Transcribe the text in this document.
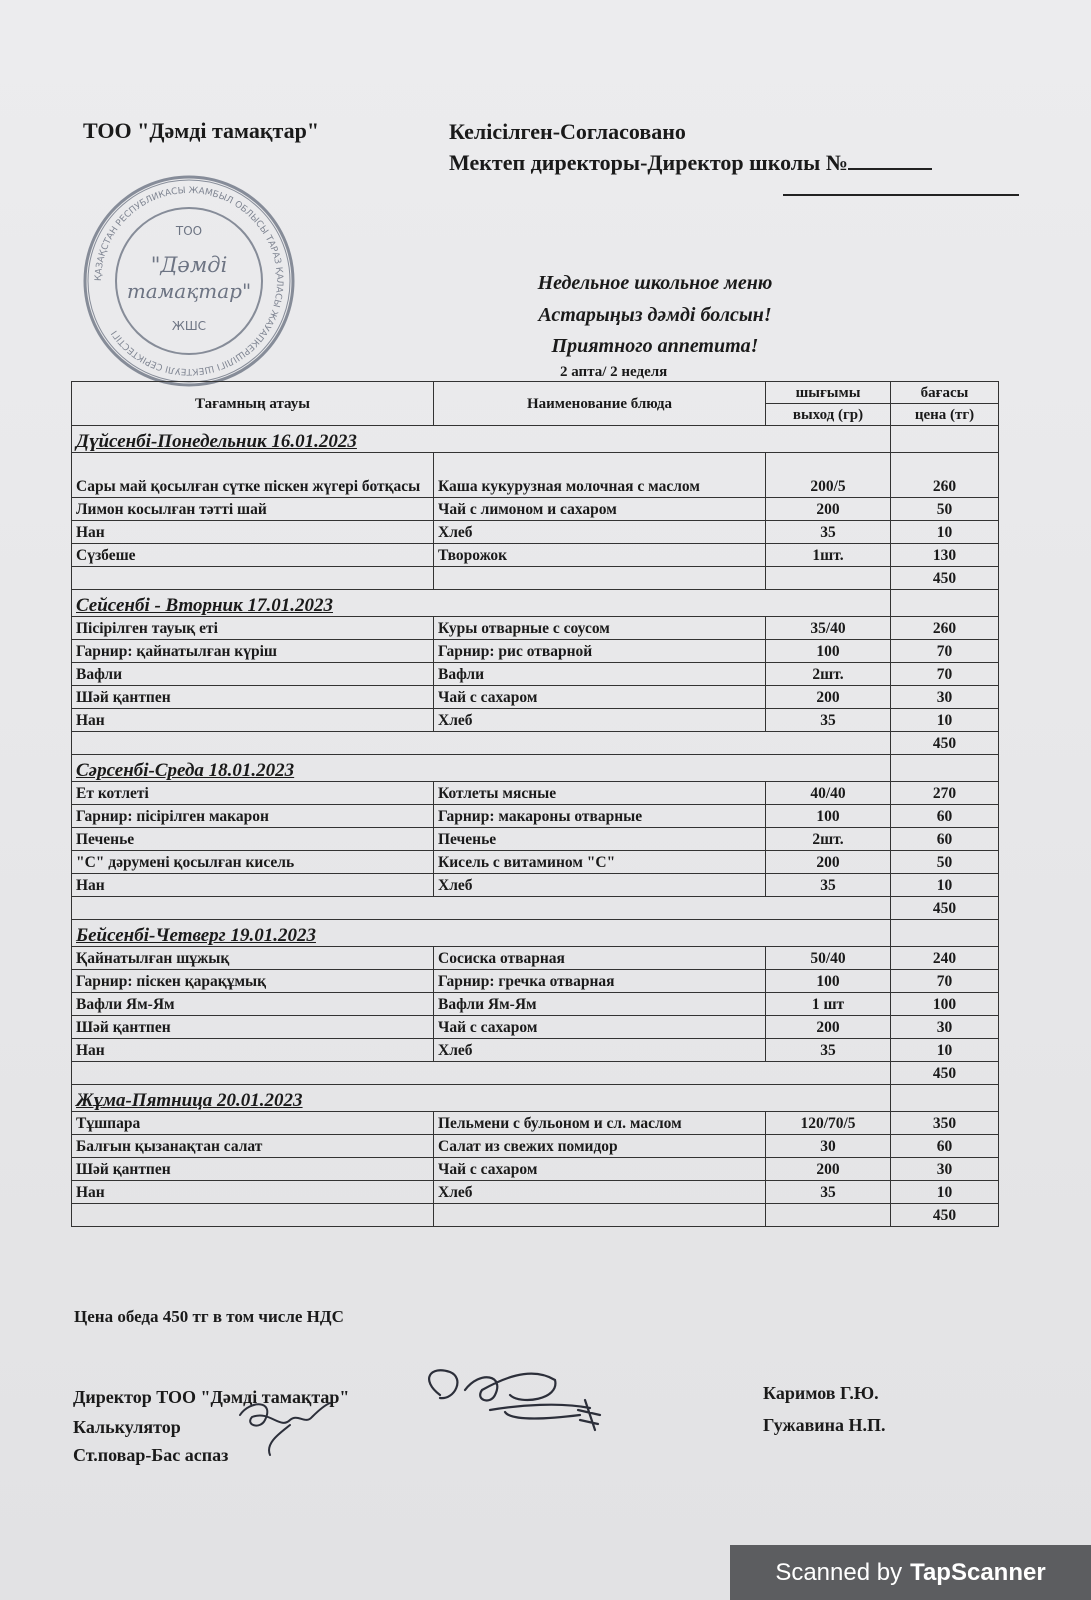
ТОО "Дәмді тамақтар"	Келісілген-Согласовано
Мектеп директоры-Директор школы №
ҚАЗАҚСТАН РЕСПУБЛИКАСЫ ЖАМБЫЛ ОБЛЫСЫ ТАРАЗ ҚАЛАСЫ ЖАУАПКЕРШІЛІГІ ШЕКТЕУЛІ СЕРІКТЕСТІГІ
ТОО
"Дәмді
тамақтар"
ЖШС
Недельное школьное меню
Астарыңыз дәмді болсын!
Приятного аппетита!
2 апта/ 2 неделя
Тағамның атауы	Наименование блюда	шығымы	бағасы
		выход (гр)	цена (тг)
Дүйсенбі-Понедельник 16.01.2023			
Сары май қосылған сүтке піскен жүгері ботқасы	Каша кукурузная молочная с маслом	200/5	260
Лимон косылған тәтті шай	Чай с лимоном и сахаром	200	50
Нан	Хлеб	35	10
Сүзбеше	Творожок	1шт.	130
			450
Сейсенбі - Вторник 17.01.2023			
Пісірілген тауық еті	Куры отварные с соусом	35/40	260
Гарнир: қайнатылған күріш	Гарнир: рис отварной	100	70
Вафли	Вафли	2шт.	70
Шәй қантпен	Чай с сахаром	200	30
Нан	Хлеб	35	10
			450
Сәрсенбі-Среда 18.01.2023			
Ет котлеті	Котлеты мясные	40/40	270
Гарнир: пісірілген макарон	Гарнир: макароны отварные	100	60
Печенье	Печенье	2шт.	60
"С" дәрумені қосылған кисель	Кисель с витамином "С"	200	50
Нан	Хлеб	35	10
			450
Бейсенбі-Четверг 19.01.2023			
Қайнатылған шұжық	Сосиска отварная	50/40	240
Гарнир: піскен қарақұмық	Гарнир: гречка отварная	100	70
Вафли Ям-Ям	Вафли Ям-Ям	1 шт	100
Шәй қантпен	Чай с сахаром	200	30
Нан	Хлеб	35	10
			450
Жұма-Пятница 20.01.2023			
Тұшпара	Пельмени с бульоном и сл. маслом	120/70/5	350
Балғын қызанақтан салат	Салат из свежих помидор	30	60
Шәй қантпен	Чай с сахаром	200	30
Нан	Хлеб	35	10
			450
Цена обеда 450 тг в том числе НДС
Директор ТОО "Дәмді тамақтар"
Калькулятор
Ст.повар-Бас аспаз
Каримов Г.Ю.
Гужавина Н.П.
Scanned by TapScanner
